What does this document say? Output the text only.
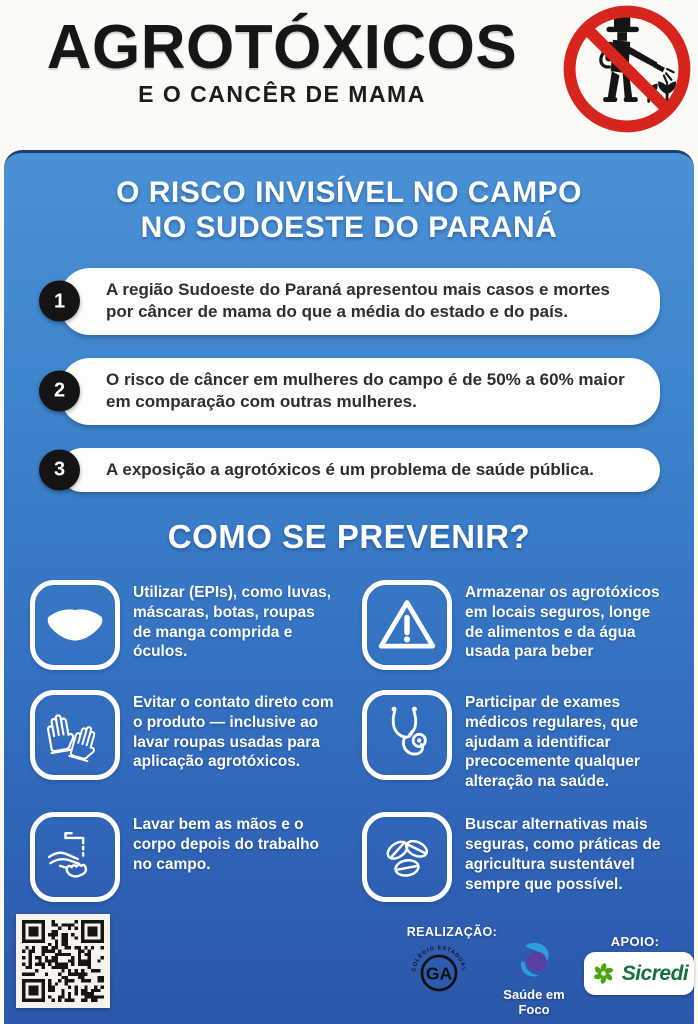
AGROTÓXICOS
E O CANCÊR DE MAMA
O RISCO INVISÍVEL NO CAMPO
NO SUDOESTE DO PARANÁ
1
A região Sudoeste do Paraná apresentou mais casos e mortes por câncer de mama do que a média do estado e do país.
2
O risco de câncer em mulheres do campo é de 50% a 60% maior em comparação com outras mulheres.
3	A exposição a agrotóxicos é um problema de saúde pública.
COMO SE PREVENIR?
Utilizar (EPIs), como luvas, máscaras, botas, roupas de manga comprida e óculos.
Armazenar os agrotóxicos em locais seguros, longe de alimentos e da água usada para beber
Evitar o contato direto com o produto — inclusive ao lavar roupas usadas para aplicação agrotóxicos.
Participar de exames médicos regulares, que ajudam a identificar precocemente qualquer alteração na saúde.
Lavar bem as mãos e o corpo depois do trabalho no campo.
Buscar alternativas mais seguras, como práticas de agricultura sustentável sempre que possível.
REALIZAÇÃO:
GA
COLÉGIO ESTADUAL
Saúde em Foco
APOIO:
Sicredi
